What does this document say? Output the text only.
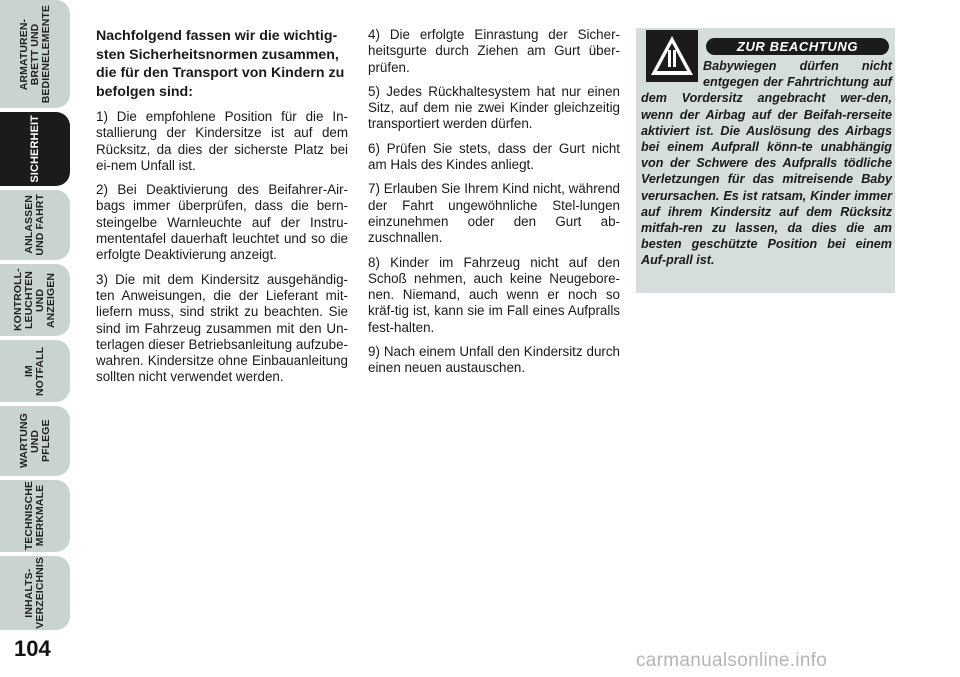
ARMATUREN-
BRETT UND
BEDIENELEMENTE
SICHERHEIT
ANLASSEN
UND FAHRT
KONTROLL-
LEUCHTEN UND
ANZEIGEN
IM NOTFALL
WARTUNG UND
PFLEGE
TECHNISCHE
MERKMALE
INHALTS-
VERZEICHNIS
104

Nachfolgend fassen wir die wichtig-sten Sicherheitsnormen zusammen, die für den Transport von Kindern zu befolgen sind:

1) Die empfohlene Position für die In-stallierung der Kindersitze ist auf dem Rücksitz, da dies der sicherste Platz bei ei-nem Unfall ist.

2) Bei Deaktivierung des Beifahrer-Air-bags immer überprüfen, dass die bern-steingelbe Warnleuchte auf der Instru-mententafel dauerhaft leuchtet und so die erfolgte Deaktivierung anzeigt.

3) Die mit dem Kindersitz ausgehändig-ten Anweisungen, die der Lieferant mit-liefern muss, sind strikt zu beachten. Sie sind im Fahrzeug zusammen mit den Un-terlagen dieser Betriebsanleitung aufzube-wahren. Kindersitze ohne Einbauanleitung sollten nicht verwendet werden.

4) Die erfolgte Einrastung der Sicher-heitsgurte durch Ziehen am Gurt über-prüfen.

5) Jedes Rückhaltesystem hat nur einen Sitz, auf dem nie zwei Kinder gleichzeitig transportiert werden dürfen.

6) Prüfen Sie stets, dass der Gurt nicht am Hals des Kindes anliegt.

7) Erlauben Sie Ihrem Kind nicht, während der Fahrt ungewöhnliche Stel-lungen einzunehmen oder den Gurt ab-zuschnallen.

8) Kinder im Fahrzeug nicht auf den Schoß nehmen, auch keine Neugebore-nen. Niemand, auch wenn er noch so kräf-tig ist, kann sie im Fall eines Aufpralls fest-halten.

9) Nach einem Unfall den Kindersitz durch einen neuen austauschen.

ZUR BEACHTUNG
Babywiegen dürfen nicht entgegen der Fahrtrichtung auf dem Vordersitz angebracht wer-den, wenn der Airbag auf der Beifah-rerseite aktiviert ist. Die Auslösung des Airbags bei einem Aufprall könn-te unabhängig von der Schwere des Aufpralls tödliche Verletzungen für das mitreisende Baby verursachen. Es ist ratsam, Kinder immer auf ihrem Kindersitz auf dem Rücksitz mitfah-ren zu lassen, da dies die am besten geschützte Position bei einem Auf-prall ist.
carmanualsonline.info
